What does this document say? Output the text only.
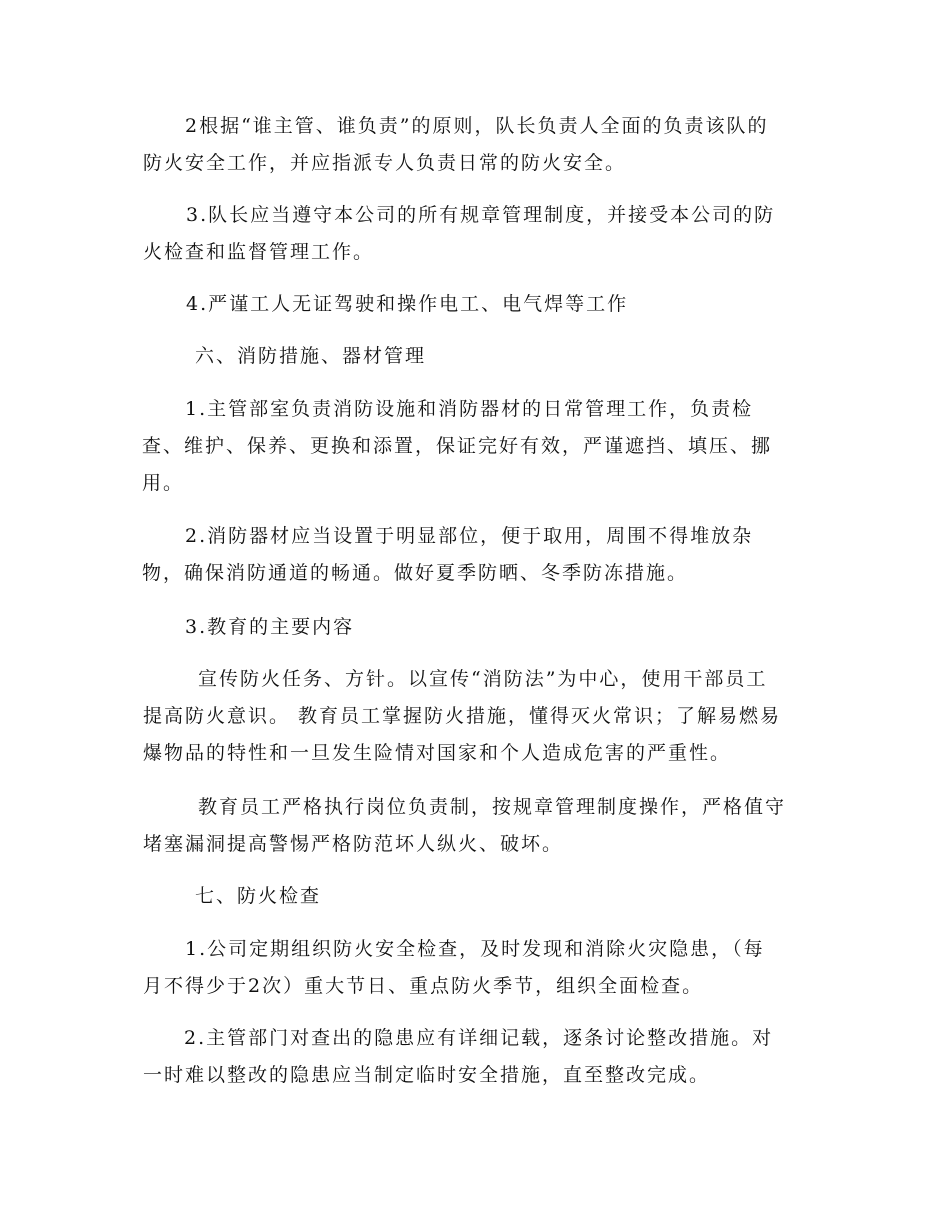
2根据“谁主管、谁负责”的原则，队长负责人全面的负责该队的
防火安全工作，并应指派专人负责日常的防火安全。
3.队长应当遵守本公司的所有规章管理制度，并接受本公司的防
火检查和监督管理工作。
4.严谨工人无证驾驶和操作电工、电气焊等工作
六、消防措施、器材管理
1.主管部室负责消防设施和消防器材的日常管理工作，负责检
查、维护、保养、更换和添置，保证完好有效，严谨遮挡、填压、挪
用。
2.消防器材应当设置于明显部位，便于取用，周围不得堆放杂
物，确保消防通道的畅通。做好夏季防晒、冬季防冻措施。
3.教育的主要内容
宣传防火任务、方针。以宣传“消防法”为中心，使用干部员工
提高防火意识。 教育员工掌握防火措施，懂得灭火常识；了解易燃易
爆物品的特性和一旦发生险情对国家和个人造成危害的严重性。
教育员工严格执行岗位负责制，按规章管理制度操作，严格值守
堵塞漏洞提高警惕严格防范坏人纵火、破坏。
七、防火检查
1.公司定期组织防火安全检查，及时发现和消除火灾隐患，（每
月不得少于2次）重大节日、重点防火季节，组织全面检查。
2.主管部门对查出的隐患应有详细记载，逐条讨论整改措施。对
一时难以整改的隐患应当制定临时安全措施，直至整改完成。
